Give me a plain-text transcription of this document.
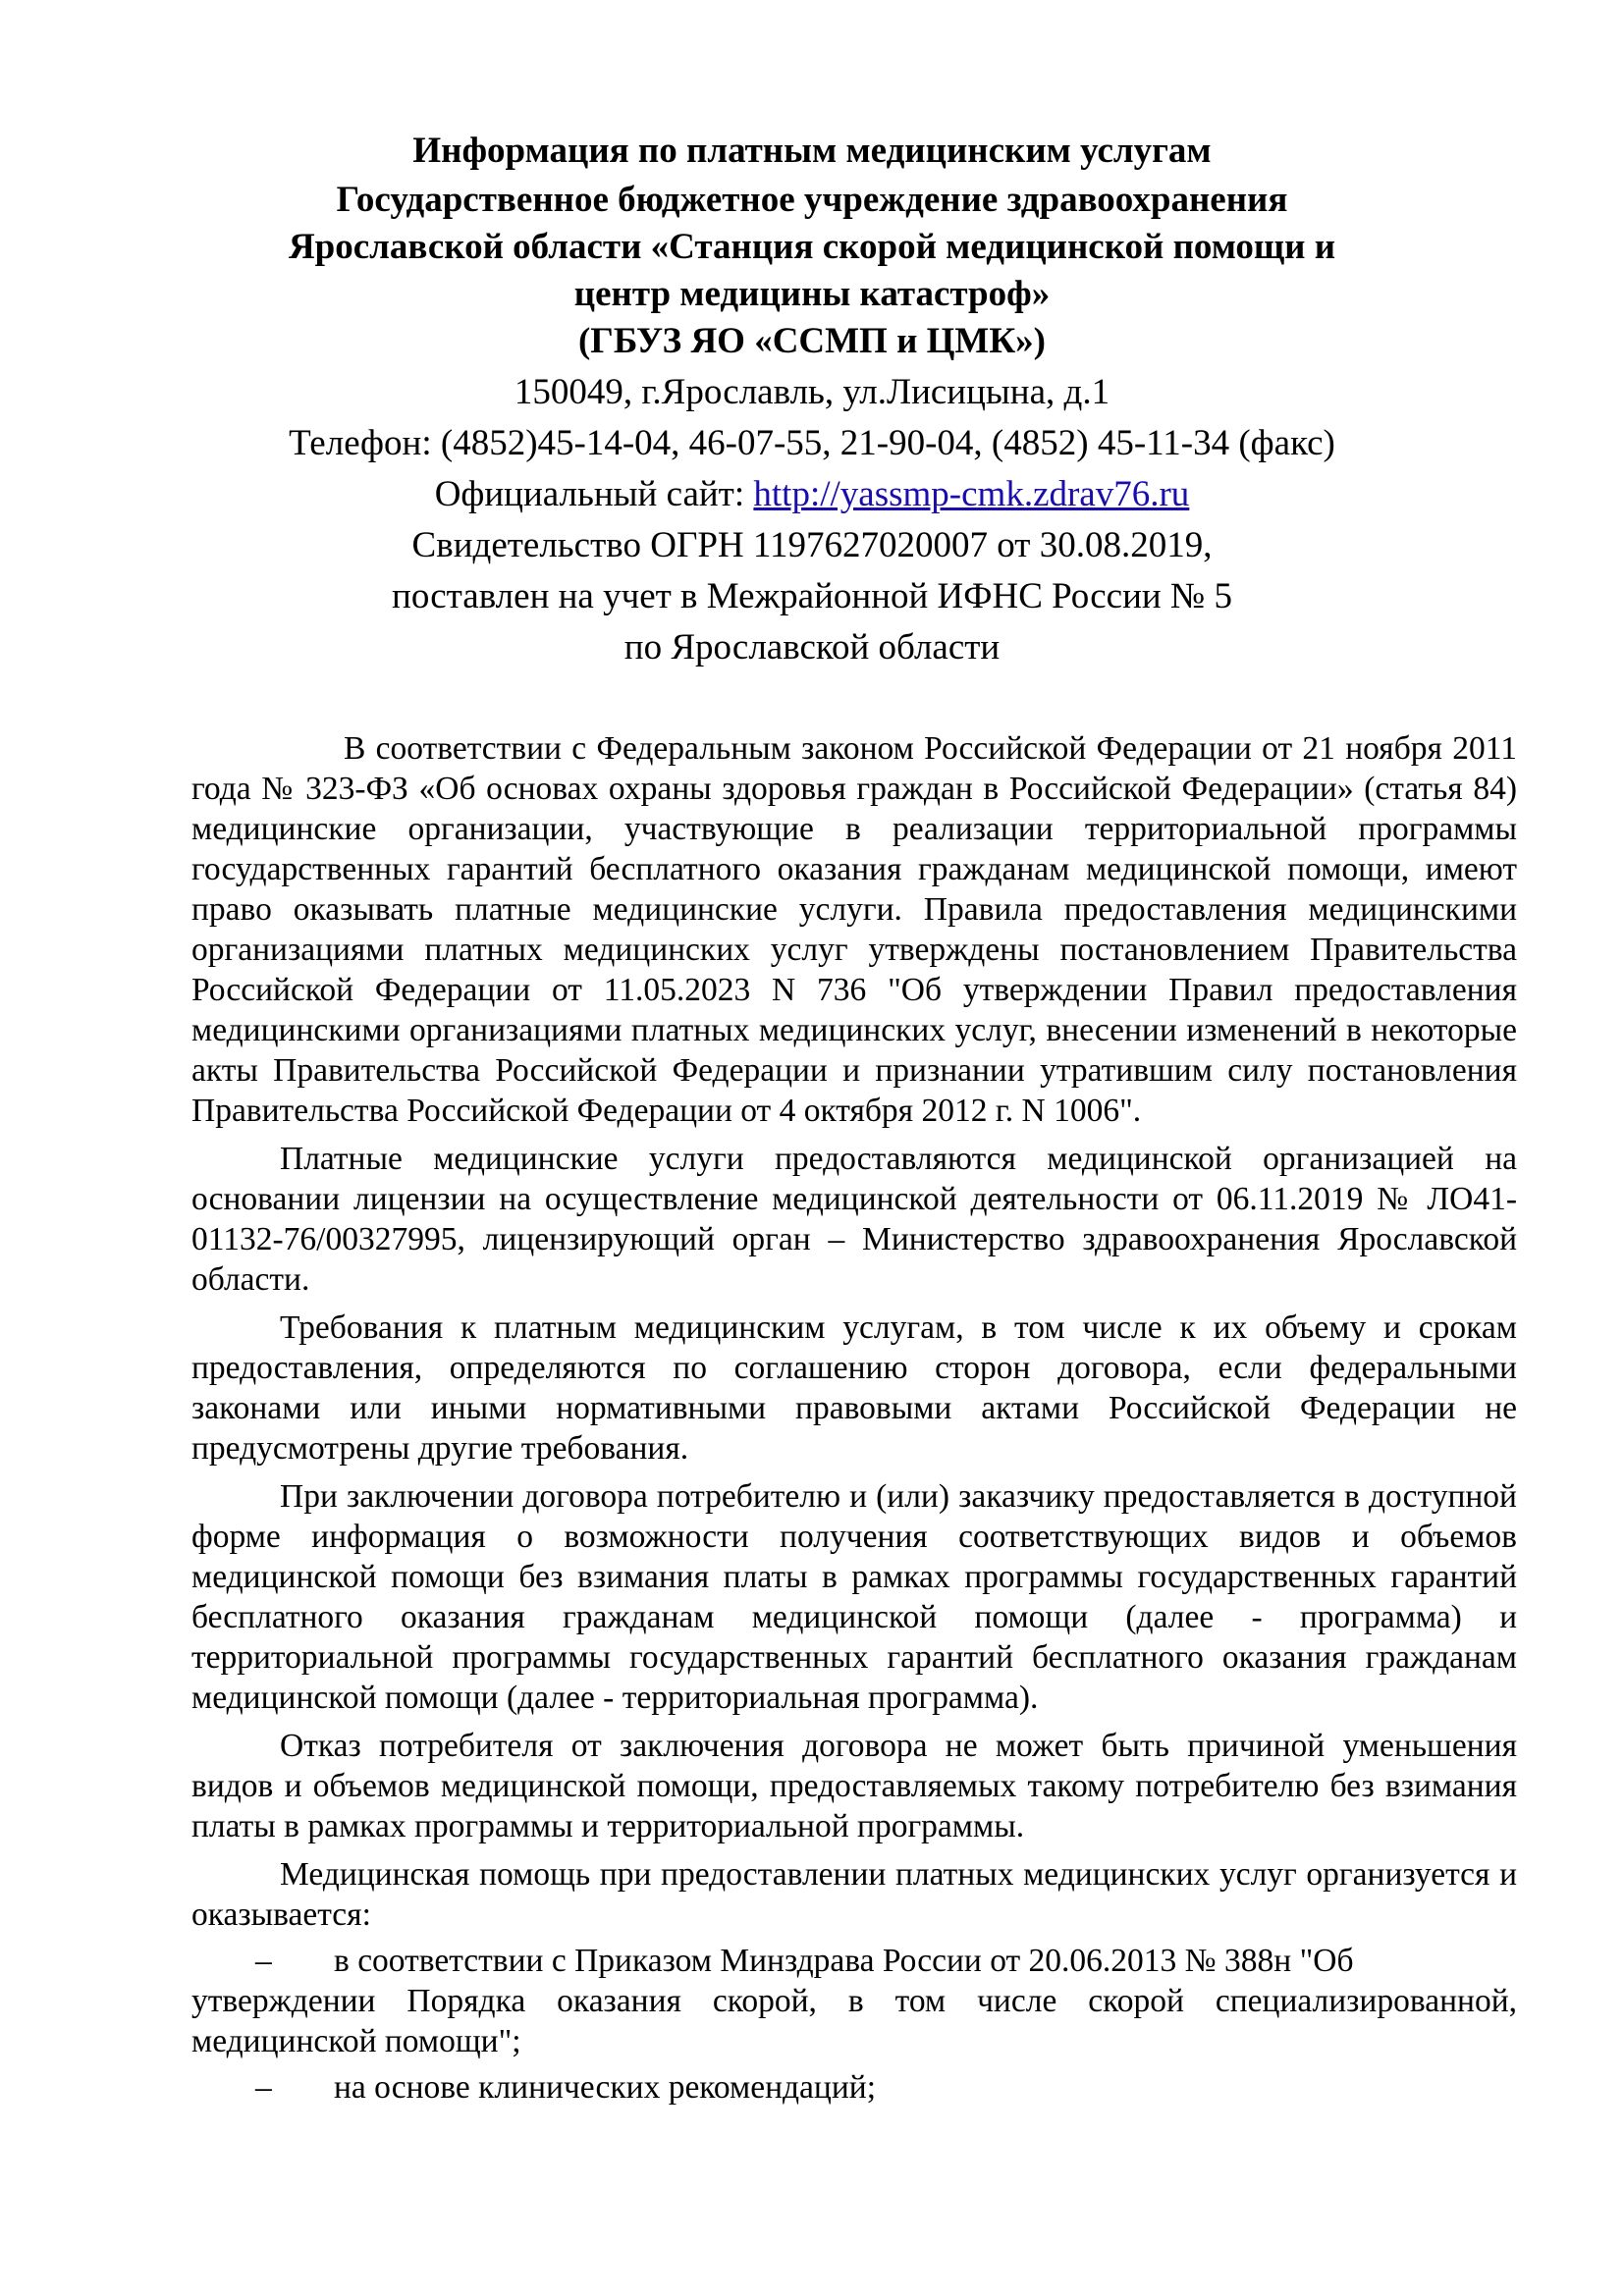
Информация по платным медицинским услугам
Государственное бюджетное учреждение здравоохранения
Ярославской области «Станция скорой медицинской помощи и
центр медицины катастроф»
(ГБУЗ ЯО «ССМП и ЦМК»)
150049, г.Ярославль, ул.Лисицына, д.1
Телефон: (4852)45-14-04, 46-07-55, 21-90-04, (4852) 45-11-34 (факс)
Официальный сайт: http://yassmp-cmk.zdrav76.ru
Свидетельство ОГРН 1197627020007 от 30.08.2019,
поставлен на учет в Межрайонной ИФНС России № 5
по Ярославской области

В соответствии с Федеральным законом Российской Федерации от 21 ноября 2011 года № 323-ФЗ «Об основах охраны здоровья граждан в Российской Федерации» (статья 84) медицинские организации, участвующие в реализации территориальной программы государственных гарантий бесплатного оказания гражданам медицинской помощи, имеют право оказывать платные медицинские услуги. Правила предоставления медицинскими организациями платных медицинских услуг утверждены постановлением Правительства Российской Федерации от 11.05.2023 N 736 "Об утверждении Правил предоставления медицинскими организациями платных медицинских услуг, внесении изменений в некоторые акты Правительства Российской Федерации и признании утратившим силу постановления Правительства Российской Федерации от 4 октября 2012 г. N 1006".

Платные медицинские услуги предоставляются медицинской организацией на основании лицензии на осуществление медицинской деятельности от 06.11.2019 № ЛО41-01132-76/00327995, лицензирующий орган – Министерство здравоохранения Ярославской области.

Требования к платным медицинским услугам, в том числе к их объему и срокам предоставления, определяются по соглашению сторон договора, если федеральными законами или иными нормативными правовыми актами Российской Федерации не предусмотрены другие требования.

При заключении договора потребителю и (или) заказчику предоставляется в доступной форме информация о возможности получения соответствующих видов и объемов медицинской помощи без взимания платы в рамках программы государственных гарантий бесплатного оказания гражданам медицинской помощи (далее - программа) и территориальной программы государственных гарантий бесплатного оказания гражданам медицинской помощи (далее - территориальная программа).

Отказ потребителя от заключения договора не может быть причиной уменьшения видов и объемов медицинской помощи, предоставляемых такому потребителю без взимания платы в рамках программы и территориальной программы.

Медицинская помощь при предоставлении платных медицинских услуг организуется и оказывается:

–	в соответствии с Приказом Минздрава России от 20.06.2013 № 388н "Об

утверждении Порядка оказания скорой, в том числе скорой специализированной, медицинской помощи";

–	на основе клинических рекомендаций;
